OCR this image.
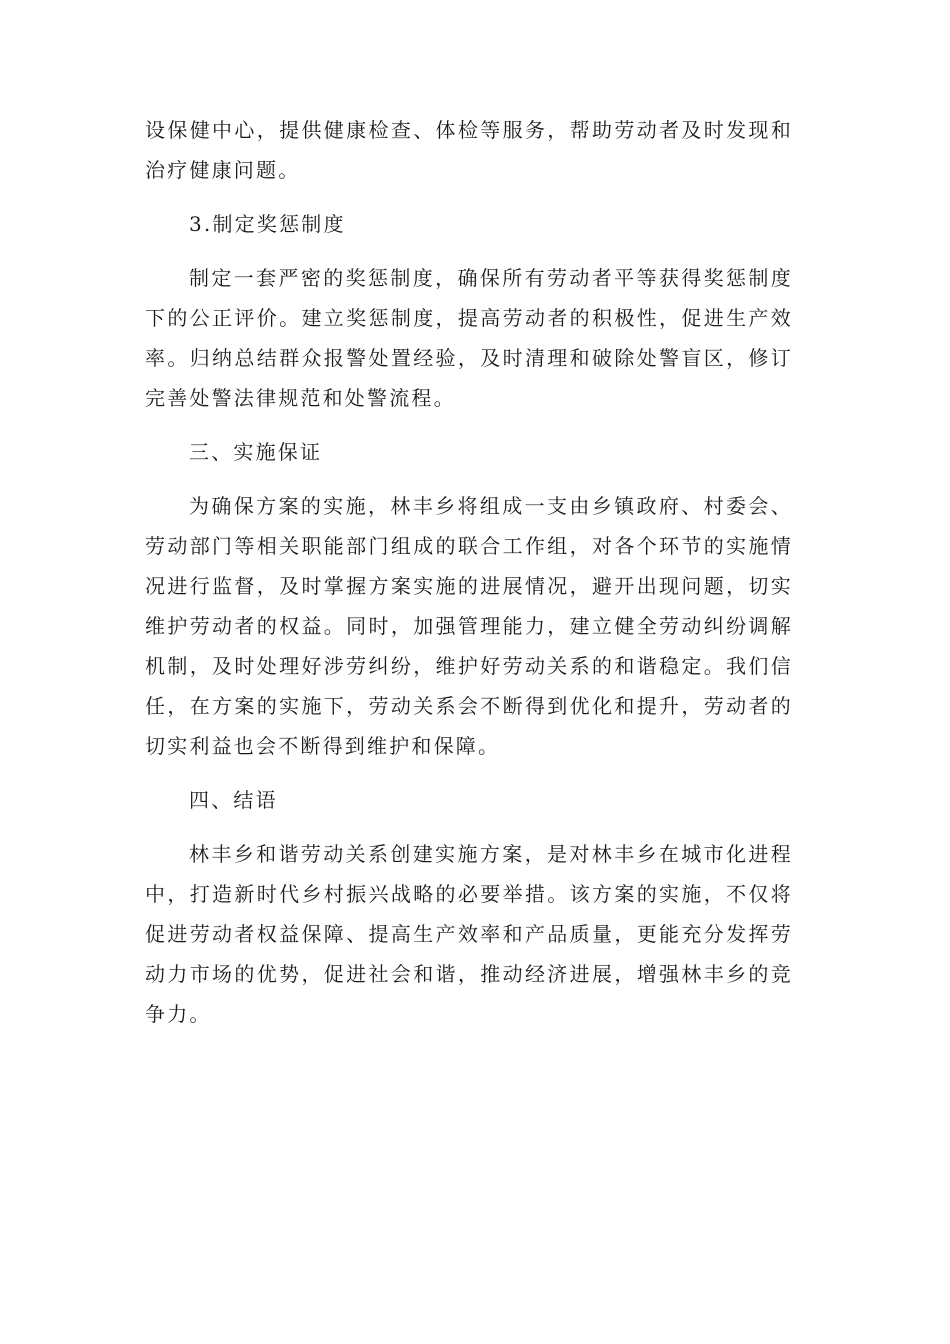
设保健中心，提供健康检查、体检等服务，帮助劳动者及时发现和治疗健康问题。

3.制定奖惩制度

制定一套严密的奖惩制度，确保所有劳动者平等获得奖惩制度下的公正评价。建立奖惩制度，提高劳动者的积极性，促进生产效率。归纳总结群众报警处置经验，及时清理和破除处警盲区，修订完善处警法律规范和处警流程。

三、实施保证

为确保方案的实施，林丰乡将组成一支由乡镇政府、村委会、劳动部门等相关职能部门组成的联合工作组，对各个环节的实施情况进行监督，及时掌握方案实施的进展情况，避开出现问题，切实维护劳动者的权益。同时，加强管理能力，建立健全劳动纠纷调解机制，及时处理好涉劳纠纷，维护好劳动关系的和谐稳定。我们信任，在方案的实施下，劳动关系会不断得到优化和提升，劳动者的切实利益也会不断得到维护和保障。

四、结语

林丰乡和谐劳动关系创建实施方案，是对林丰乡在城市化进程中，打造新时代乡村振兴战略的必要举措。该方案的实施，不仅将促进劳动者权益保障、提高生产效率和产品质量，更能充分发挥劳动力市场的优势，促进社会和谐，推动经济进展，增强林丰乡的竞争力。
